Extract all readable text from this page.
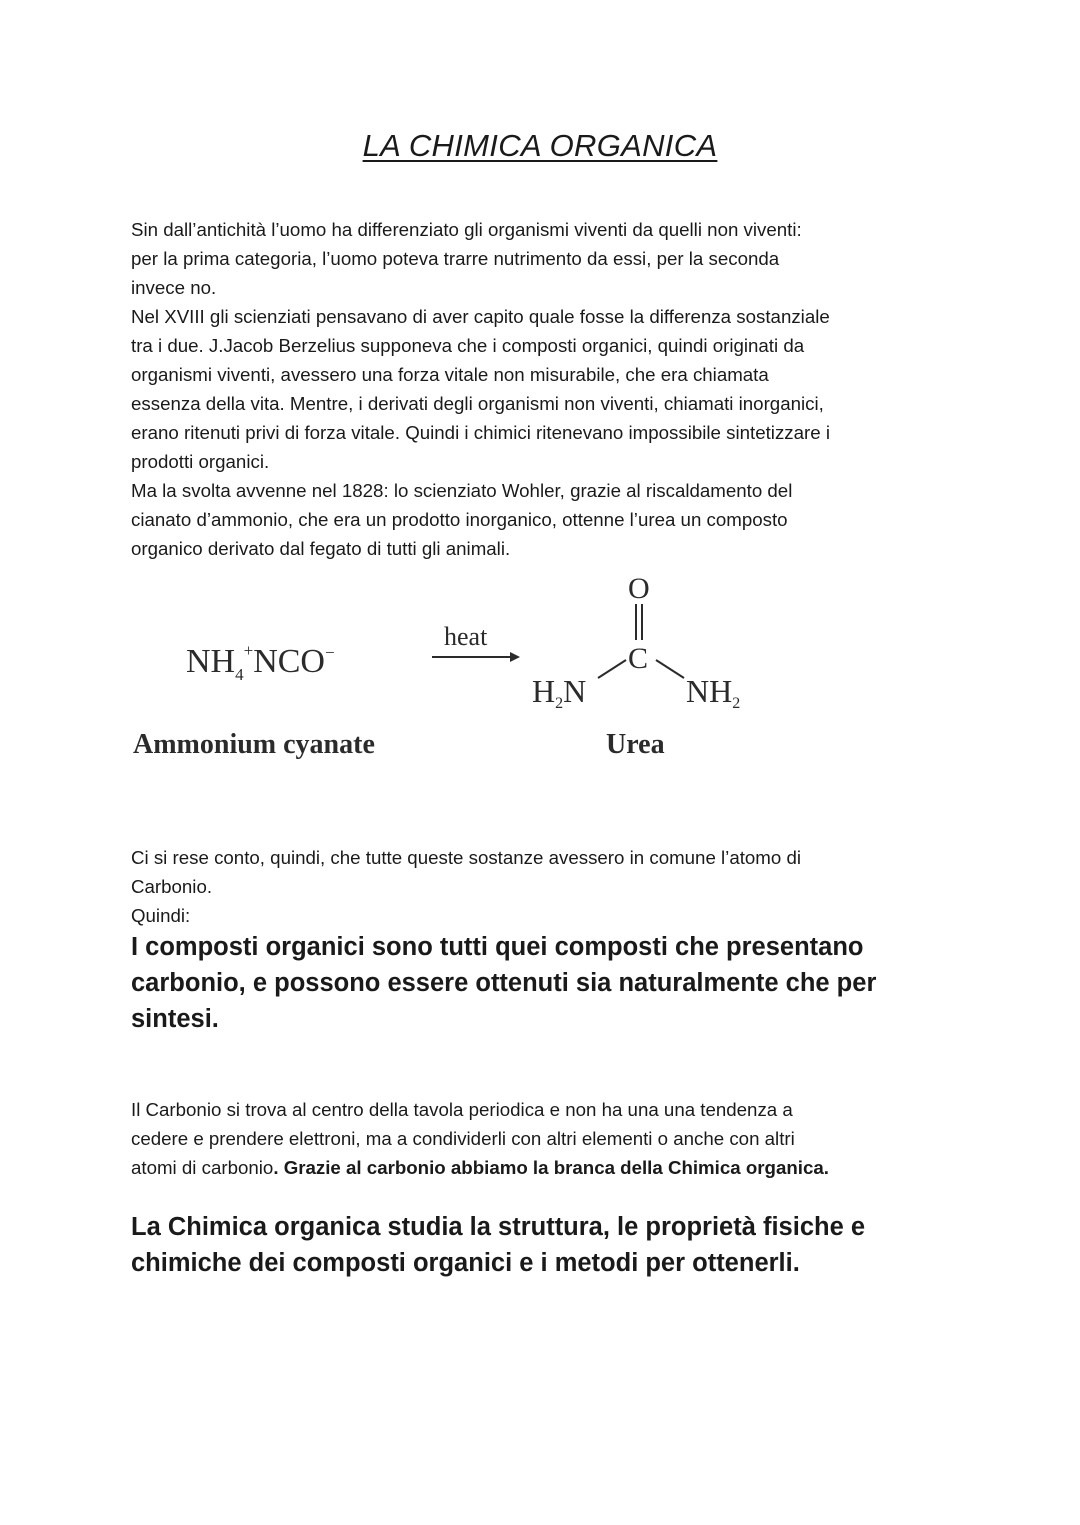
LA CHIMICA ORGANICA
Sin dall’antichità l’uomo ha differenziato gli organismi viventi da quelli non viventi:
per la prima categoria, l’uomo poteva trarre nutrimento da essi, per la seconda
invece no.
Nel XVIII gli scienziati pensavano di aver capito quale fosse la differenza sostanziale
tra i due. J.Jacob Berzelius supponeva che i composti organici, quindi originati da
organismi viventi, avessero una forza vitale non misurabile, che era chiamata
essenza della vita. Mentre, i derivati degli organismi non viventi, chiamati inorganici,
erano ritenuti privi di forza vitale. Quindi i chimici ritenevano impossibile sintetizzare i
prodotti organici.
Ma la svolta avvenne nel 1828: lo scienziato Wohler, grazie al riscaldamento del
cianato d’ammonio, che era un prodotto inorganico, ottenne l’urea un composto
organico derivato dal fegato di tutti gli animali.
$NH_4^+NCO^-$
Ammonium cyanate
heat
O
C
H2N	NH2
Urea
Ci si rese conto, quindi, che tutte queste sostanze avessero in comune l’atomo di
Carbonio.
Quindi:
I composti organici sono tutti quei composti che presentano
carbonio, e possono essere ottenuti sia naturalmente che per
sintesi.
Il Carbonio si trova al centro della tavola periodica e non ha una una tendenza a
cedere e prendere elettroni, ma a condividerli con altri elementi o anche con altri
atomi di carbonio. Grazie al carbonio abbiamo la branca della Chimica organica.
La Chimica organica studia la struttura, le proprietà fisiche e
chimiche dei composti organici e i metodi per ottenerli.
